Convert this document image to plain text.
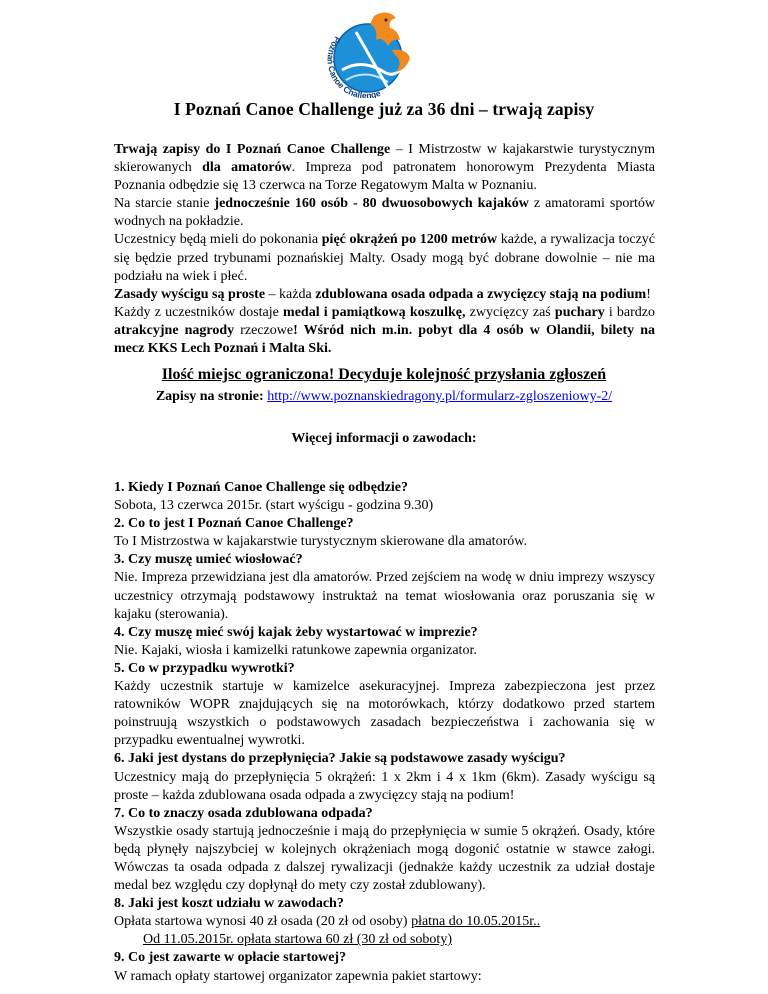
Poznań Canoe Challenge
I Poznań Canoe Challenge już za 36 dni – trwają zapisy

Trwają zapisy do I Poznań Canoe Challenge – I Mistrzostw w kajakarstwie turystycznym skierowanych dla amatorów. Impreza pod patronatem honorowym Prezydenta Miasta Poznania odbędzie się 13 czerwca na Torze Regatowym Malta w Poznaniu.

Na starcie stanie jednocześnie 160 osób - 80 dwuosobowych kajaków z amatorami sportów wodnych na pokładzie.

Uczestnicy będą mieli do pokonania pięć okrążeń po 1200 metrów każde, a rywalizacja toczyć się będzie przed trybunami poznańskiej Malty. Osady mogą być dobrane dowolnie – nie ma podziału na wiek i płeć.

Zasady wyścigu są proste – każda zdublowana osada odpada a zwycięzcy stają na podium!

Każdy z uczestników dostaje medal i pamiątkową koszulkę, zwycięzcy zaś puchary i bardzo atrakcyjne nagrody rzeczowe! Wśród nich m.in. pobyt dla 4 osób w Olandii, bilety na mecz KKS Lech Poznań i Malta Ski.

Ilość miejsc ograniczona! Decyduje kolejność przysłania zgłoszeń
Zapisy na stronie: http://www.poznanskiedragony.pl/formularz-zgloszeniowy-2/
Więcej informacji o zawodach:
1. Kiedy I Poznań Canoe Challenge się odbędzie?
Sobota, 13 czerwca 2015r. (start wyścigu - godzina 9.30)
2. Co to jest I Poznań Canoe Challenge?
To I Mistrzostwa w kajakarstwie turystycznym skierowane dla amatorów.
3. Czy muszę umieć wiosłować?
Nie. Impreza przewidziana jest dla amatorów. Przed zejściem na wodę w dniu imprezy wszyscy uczestnicy otrzymają podstawowy instruktaż na temat wiosłowania oraz poruszania się w kajaku (sterowania).
4. Czy muszę mieć swój kajak żeby wystartować w imprezie?
Nie. Kajaki, wiosła i kamizelki ratunkowe zapewnia organizator.
5. Co w przypadku wywrotki?
Każdy uczestnik startuje w kamizelce asekuracyjnej. Impreza zabezpieczona jest przez ratowników WOPR znajdujących się na motorówkach, którzy dodatkowo przed startem poinstruują wszystkich o podstawowych zasadach bezpieczeństwa i zachowania się w przypadku ewentualnej wywrotki.
6. Jaki jest dystans do przepłynięcia? Jakie są podstawowe zasady wyścigu?
Uczestnicy mają do przepłynięcia 5 okrążeń: 1 x 2km i 4 x 1km (6km). Zasady wyścigu są proste – każda zdublowana osada odpada a zwycięzcy stają na podium!
7. Co to znaczy osada zdublowana odpada?
Wszystkie osady startują jednocześnie i mają do przepłynięcia w sumie 5 okrążeń. Osady, które będą płynęły najszybciej w kolejnych okrążeniach mogą dogonić ostatnie w stawce załogi. Wówczas ta osada odpada z dalszej rywalizacji (jednakże każdy uczestnik za udział dostaje medal bez względu czy dopłynął do mety czy został zdublowany).
8. Jaki jest koszt udziału w zawodach?
Opłata startowa wynosi 40 zł osada (20 zł od osoby) płatna do 10.05.2015r..
Od 11.05.2015r. opłata startowa 60 zł (30 zł od soboty)
9. Co jest zawarte w opłacie startowej?
W ramach opłaty startowej organizator zapewnia pakiet startowy:
